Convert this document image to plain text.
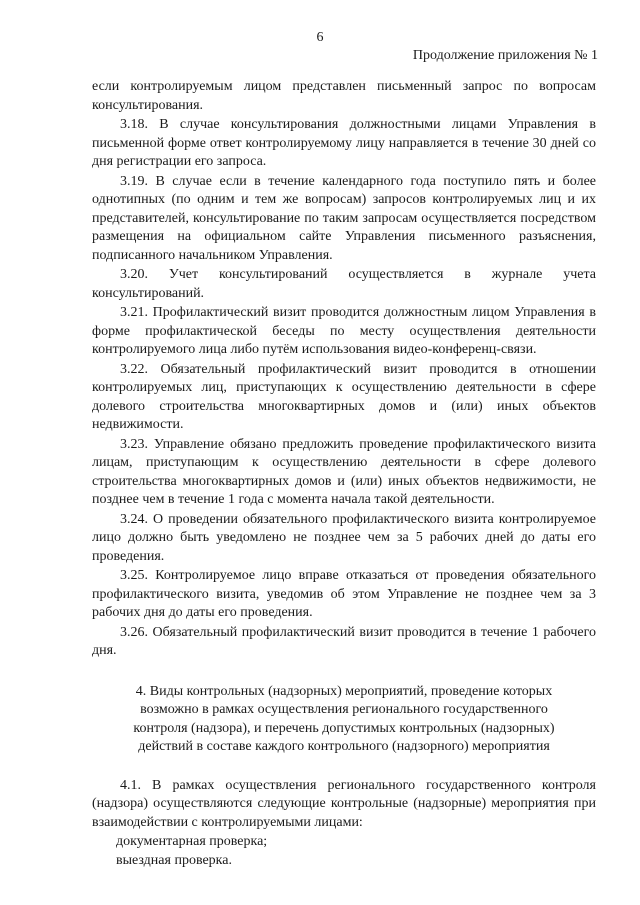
6
Продолжение приложения № 1

если контролируемым лицом представлен письменный запрос по вопросам консультирования.

3.18. В случае консультирования должностными лицами Управления в письменной форме ответ контролируемому лицу направляется в течение 30 дней со дня регистрации его запроса.

3.19. В случае если в течение календарного года поступило пять и более однотипных (по одним и тем же вопросам) запросов контролируемых лиц и их представителей, консультирование по таким запросам осуществляется посредством размещения на официальном сайте Управления письменного разъяснения, подписанного начальником Управления.

3.20. Учет консультирований осуществляется в журнале учета консультирований.

3.21. Профилактический визит проводится должностным лицом Управления в форме профилактической беседы по месту осуществления деятельности контролируемого лица либо путём использования видео-конференц-связи.

3.22. Обязательный профилактический визит проводится в отношении контролируемых лиц, приступающих к осуществлению деятельности в сфере долевого строительства многоквартирных домов и (или) иных объектов недвижимости.

3.23. Управление обязано предложить проведение профилактического визита лицам, приступающим к осуществлению деятельности в сфере долевого строительства многоквартирных домов и (или) иных объектов недвижимости, не позднее чем в течение 1 года с момента начала такой деятельности.

3.24. О проведении обязательного профилактического визита контролируемое лицо должно быть уведомлено не позднее чем за 5 рабочих дней до даты его проведения.

3.25. Контролируемое лицо вправе отказаться от проведения обязательного профилактического визита, уведомив об этом Управление не позднее чем за 3 рабочих дня до даты его проведения.

3.26. Обязательный профилактический визит проводится в течение 1 рабочего дня.

4. Виды контрольных (надзорных) мероприятий, проведение которых возможно в рамках осуществления регионального государственного контроля (надзора), и перечень допустимых контрольных (надзорных) действий в составе каждого контрольного (надзорного) мероприятия

4.1. В рамках осуществления регионального государственного контроля (надзора) осуществляются следующие контрольные (надзорные) мероприятия при взаимодействии с контролируемыми лицами:

документарная проверка;

выездная проверка.
